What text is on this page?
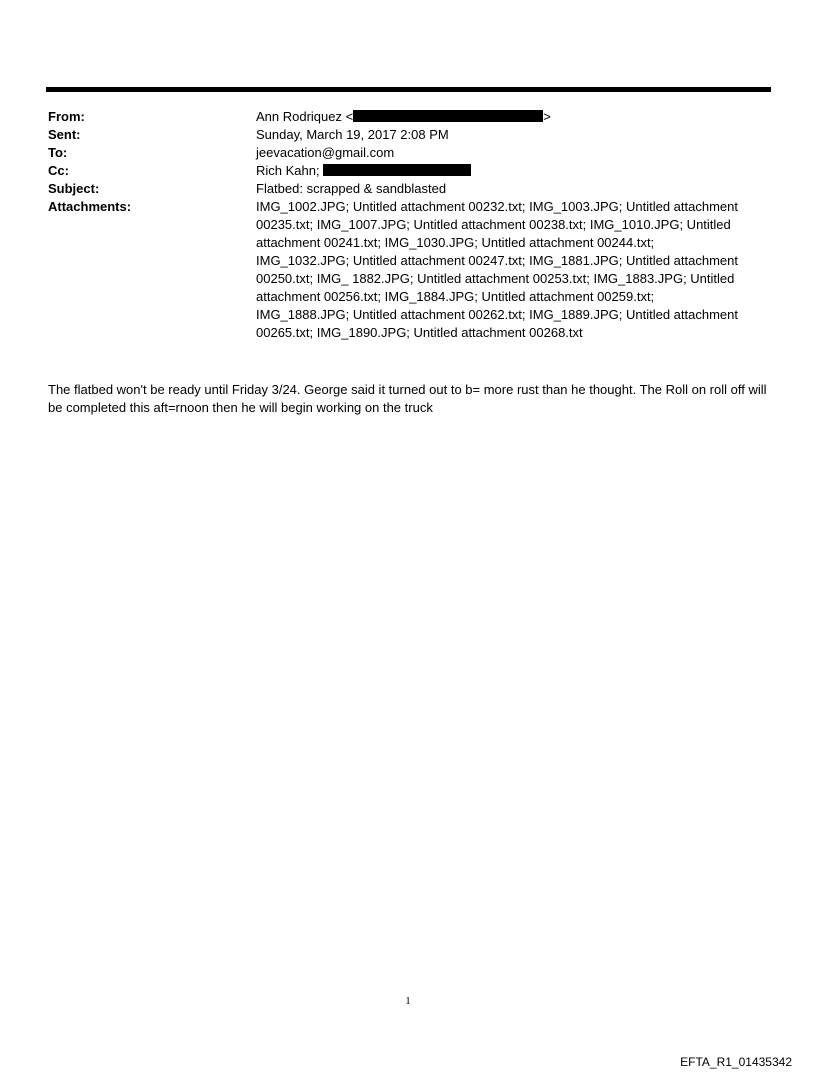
From:	Ann Rodriquez <	>
Sent:	Sunday, March 19, 2017 2:08 PM
To:	jeevacation@gmail.com
Cc:	Rich Kahn;
Subject:	Flatbed: scrapped & sandblasted
Attachments:	IMG_1002.JPG; Untitled attachment 00232.txt; IMG_1003.JPG; Untitled attachment 00235.txt; IMG_1007.JPG; Untitled attachment 00238.txt; IMG_1010.JPG; Untitled attachment 00241.txt; IMG_1030.JPG; Untitled attachment 00244.txt; IMG_1032.JPG; Untitled attachment 00247.txt; IMG_1881.JPG; Untitled attachment 00250.txt; IMG_ 1882.JPG; Untitled attachment 00253.txt; IMG_1883.JPG; Untitled attachment 00256.txt; IMG_1884.JPG; Untitled attachment 00259.txt; IMG_1888.JPG; Untitled attachment 00262.txt; IMG_1889.JPG; Untitled attachment 00265.txt; IMG_1890.JPG; Untitled attachment 00268.txt
The flatbed won't be ready until Friday 3/24. George said it turned out to b= more rust than he thought. The Roll on roll off will be completed this aft=rnoon then he will begin working on the truck
1
EFTA_R1_01435342
